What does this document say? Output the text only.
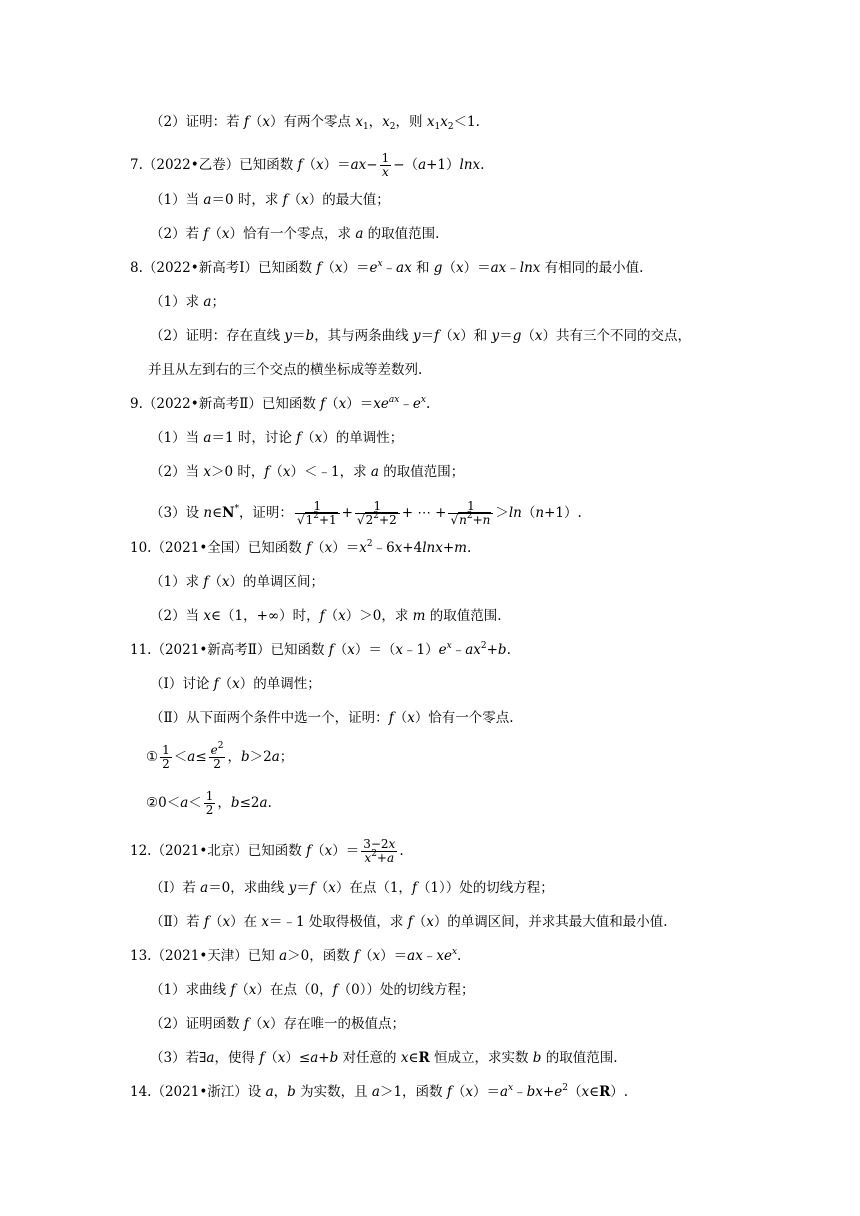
（2）证明：若 f（x）有两个零点 $x_1$，$x_2$，则 $x_1x_2<1$.
7.（2022•乙卷）已知函数 $f(x)=ax- \frac{1}{x} -(a+1)\ln x$.
（1）当 a＝0 时，求 f（x）的最大值；
（2）若 f（x）恰有一个零点，求 a 的取值范围.
8.（2022•新高考Ⅰ）已知函数 $f(x)=e^x﹣ax$ 和 g（x）＝ax﹣lnx 有相同的最小值.
（1）求 a；
（2）证明：存在直线 y＝b，其与两条曲线 y＝f（x）和 y＝g（x）共有三个不同的交点，
并且从左到右的三个交点的横坐标成等差数列.
9.（2022•新高考Ⅱ）已知函数 $f(x)=xe^{ax}﹣e^x$.
（1）当 a＝1 时，讨论 f（x）的单调性；
（2）当 x＞0 时，f（x）＜﹣1，求 a 的取值范围；
（3）设 n∈N*，证明： $\frac{1}{√1^2+1} + \frac{1}{√2^2+2}$ + ⋯ + $\frac{1}{√n^2+n} >\ln(n+1)$.
10.（2021•全国）已知函数 $f(x)=x^2﹣6x+4\ln x+m$.
（1）求 f（x）的单调区间；
（2）当 x∈（1，+∞）时，f（x）＞0，求 m 的取值范围.
11.（2021•新高考Ⅱ）已知函数 $f(x)=(x﹣1)e^x﹣ax^2+b$.
（Ⅰ）讨论 f（x）的单调性；
（Ⅱ）从下面两个条件中选一个，证明：f（x）恰有一个零点.
① $\frac{1}{2} <a\le \frac{e^2}{2}$ ，b＞2a；
②0＜a＜ $\frac{1}{2}$ ，b≤2a.
12.（2021•北京）已知函数 $f(x)= \frac{3-2x}{x^2+a}$ .
（Ⅰ）若 a＝0，求曲线 y＝f（x）在点（1，f（1））处的切线方程；
（Ⅱ）若 f（x）在 x＝﹣1 处取得极值，求 f（x）的单调区间，并求其最大值和最小值.
13.（2021•天津）已知 a＞0，函数 $f(x)=ax﹣xe^x$.
（1）求曲线 f（x）在点（0，f（0））处的切线方程；
（2）证明函数 f（x）存在唯一的极值点；
（3）若∃a，使得 f（x）≤a+b 对任意的 x∈R 恒成立，求实数 b 的取值范围.
14.（2021•浙江）设 a，b 为实数，且 a＞1，函数 $f(x)=a^x﹣bx+e^2(x\in R)$.
